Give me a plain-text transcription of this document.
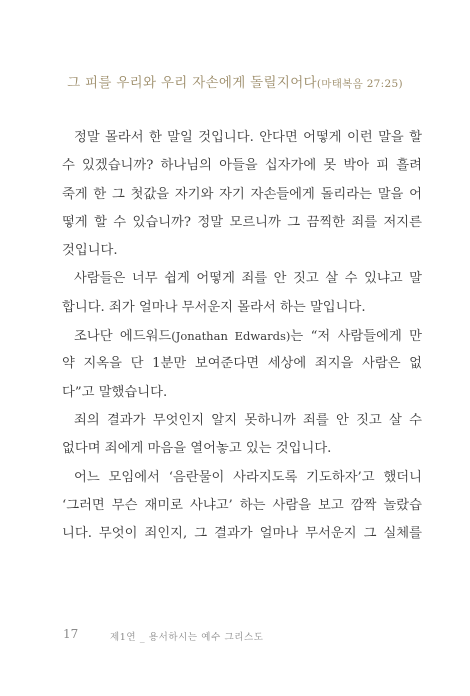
그 피를 우리와 우리 자손에게 돌릴지어다(마태복음 27:25)
정말 몰라서 한 말일 것입니다. 안다면 어떻게 이런 말을 할
수 있겠습니까? 하나님의 아들을 십자가에 못 박아 피 흘려
죽게 한 그 첫값을 자기와 자기 자손들에게 돌리라는 말을 어
떻게 할 수 있습니까? 정말 모르니까 그 끔찍한 죄를 저지른
것입니다.
사람들은 너무 쉽게 어떻게 죄를 안 짓고 살 수 있냐고 말
합니다. 죄가 얼마나 무서운지 몰라서 하는 말입니다.
조나단 에드워드(Jonathan Edwards)는 “저 사람들에게 만
약 지옥을 단 1분만 보여준다면 세상에 죄지을 사람은 없
다”고 말했습니다.
죄의 결과가 무엇인지 알지 못하니까 죄를 안 짓고 살 수
없다며 죄에게 마음을 열어놓고 있는 것입니다.
어느 모임에서 ‘음란물이 사라지도록 기도하자’고 했더니
‘그러면 무슨 재미로 사냐고’ 하는 사람을 보고 깜짝 놀랐습
니다. 무엇이 죄인지, 그 결과가 얼마나 무서운지 그 실체를
17	제1연 _ 용서하시는 예수 그리스도
